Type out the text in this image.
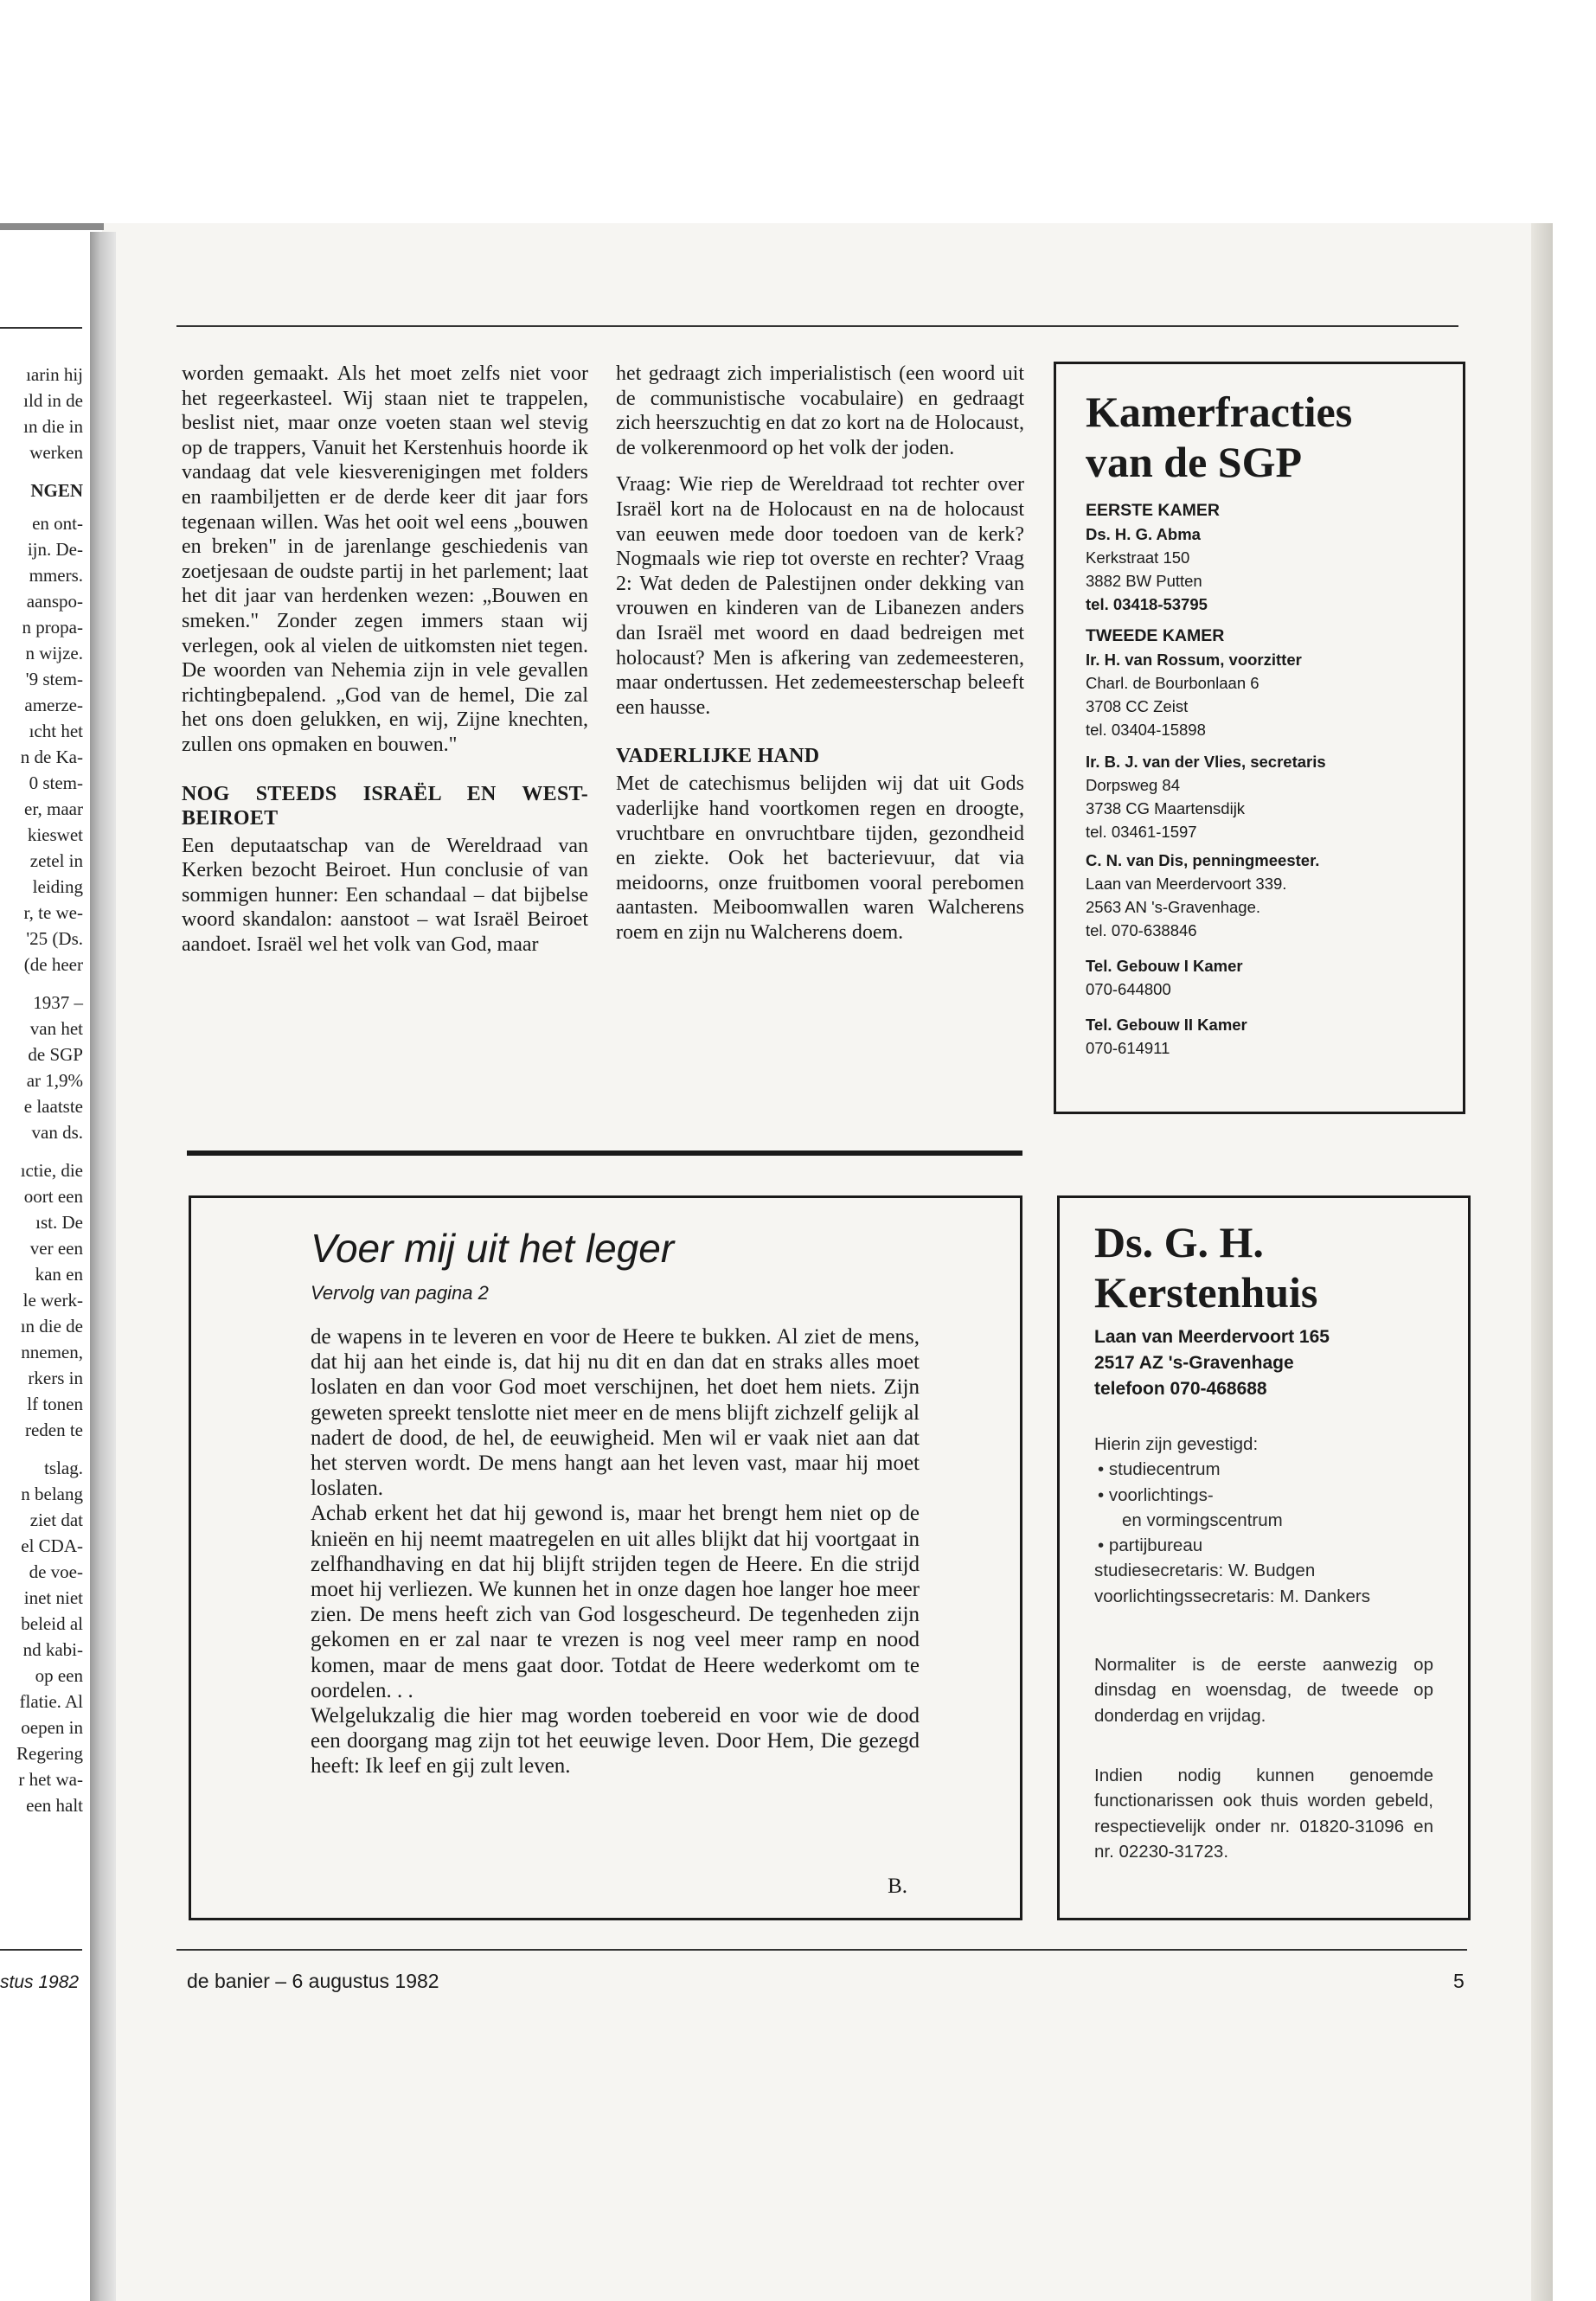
ıarin hij
ıld in de
ın die in
werken
NGEN
en ont-
ijn. De-
mmers.
aanspo-
n propa-
n wijze.
'9 stem-
amerze-
ıcht het
n de Ka-
0 stem-
er, maar
kieswet
zetel in
leiding
r, te we-
'25 (Ds.
(de heer
1937 –
van het
de SGP
ar 1,9%
e laatste
van ds.
ıctie, die
oort een
ıst. De
ver een
kan en
le werk-
ın die de
nnemen,
rkers in
lf tonen
reden te
tslag.
n belang
ziet dat
el CDA-
de voe-
inet niet
beleid al
nd kabi-
op een
flatie. Al
oepen in
Regering
r het wa-
een halt
stus 1982

worden gemaakt. Als het moet zelfs niet voor het regeerkasteel. Wij staan niet te trappelen, beslist niet, maar onze voeten staan wel stevig op de trappers, Vanuit het Kerstenhuis hoorde ik vandaag dat vele kiesverenigingen met folders en raambiljetten er de derde keer dit jaar fors tegenaan willen. Was het ooit wel eens „bouwen en breken" in de jarenlange geschiedenis van zoetjesaan de oudste partij in het parlement; laat het dit jaar van herdenken wezen: „Bouwen en smeken." Zonder zegen immers staan wij verlegen, ook al vielen de uitkomsten niet tegen. De woorden van Nehemia zijn in vele gevallen richtingbepalend. „God van de hemel, Die zal het ons doen gelukken, en wij, Zijne knechten, zullen ons opmaken en bouwen."

NOG STEEDS ISRAËL EN WEST-BEIROET

Een deputaatschap van de Wereldraad van Kerken bezocht Beiroet. Hun conclusie of van sommigen hunner: Een schandaal – dat bijbelse woord skandalon: aanstoot – wat Israël Beiroet aandoet. Israël wel het volk van God, maar

het gedraagt zich imperialistisch (een woord uit de communistische vocabulaire) en gedraagt zich heerszuchtig en dat zo kort na de Holocaust, de volkerenmoord op het volk der joden.

Vraag: Wie riep de Wereldraad tot rechter over Israël kort na de Holocaust en na de holocaust van eeuwen mede door toedoen van de kerk? Nogmaals wie riep tot overste en rechter? Vraag 2: Wat deden de Palestijnen onder dekking van vrouwen en kinderen van de Libanezen anders dan Israël met woord en daad bedreigen met holocaust? Men is afkering van zedemeesteren, maar ondertussen. Het zedemeesterschap beleeft een hausse.

VADERLIJKE HAND

Met de catechismus belijden wij dat uit Gods vaderlijke hand voortkomen regen en droogte, vruchtbare en onvruchtbare tijden, gezondheid en ziekte. Ook het bacterievuur, dat via meidoorns, onze fruitbomen vooral perebomen aantasten. Meiboomwallen waren Walcherens roem en zijn nu Walcherens doem.

Kamerfracties
van de SGP
EERSTE KAMER
Ds. H. G. Abma
Kerkstraat 150
3882 BW Putten
tel. 03418-53795
TWEEDE KAMER
Ir. H. van Rossum, voorzitter
Charl. de Bourbonlaan 6
3708 CC Zeist
tel. 03404-15898
Ir. B. J. van der Vlies, secretaris
Dorpsweg 84
3738 CG Maartensdijk
tel. 03461-1597
C. N. van Dis, penningmeester.
Laan van Meerdervoort 339.
2563 AN 's-Gravenhage.
tel. 070-638846
Tel. Gebouw I Kamer
070-644800
Tel. Gebouw II Kamer
070-614911
Voer mij uit het leger
Vervolg van pagina 2
de wapens in te leveren en voor de Heere te bukken. Al ziet de mens, dat hij aan het einde is, dat hij nu dit en dan dat en straks alles moet loslaten en dan voor God moet verschijnen, het doet hem niets. Zijn geweten spreekt tenslotte niet meer en de mens blijft zichzelf gelijk al nadert de dood, de hel, de eeuwigheid. Men wil er vaak niet aan dat het sterven wordt. De mens hangt aan het leven vast, maar hij moet loslaten.
Achab erkent het dat hij gewond is, maar het brengt hem niet op de knieën en hij neemt maatregelen en uit alles blijkt dat hij voortgaat in zelfhandhaving en dat hij blijft strijden tegen de Heere. En die strijd moet hij verliezen. We kunnen het in onze dagen hoe langer hoe meer zien. De mens heeft zich van God losgescheurd. De tegenheden zijn gekomen en er zal naar te vrezen is nog veel meer ramp en nood komen, maar de mens gaat door. Totdat de Heere wederkomt om te oordelen. . .
Welgelukzalig die hier mag worden toebereid en voor wie de dood een doorgang mag zijn tot het eeuwige leven. Door Hem, Die gezegd heeft: Ik leef en gij zult leven.
B.
Ds. G. H.
Kerstenhuis
Laan van Meerdervoort 165
2517 AZ 's-Gravenhage
telefoon 070-468688
Hierin zijn gevestigd:
• studiecentrum
• voorlichtings-
en vormingscentrum
• partijbureau
studiesecretaris: W. Budgen
voorlichtingssecretaris: M. Dankers
Normaliter is de eerste aanwezig op dinsdag en woensdag, de tweede op donderdag en vrijdag.
Indien nodig kunnen genoemde functionarissen ook thuis worden gebeld, respectievelijk onder nr. 01820-31096 en nr. 02230-31723.
de banier – 6 augustus 1982	5
